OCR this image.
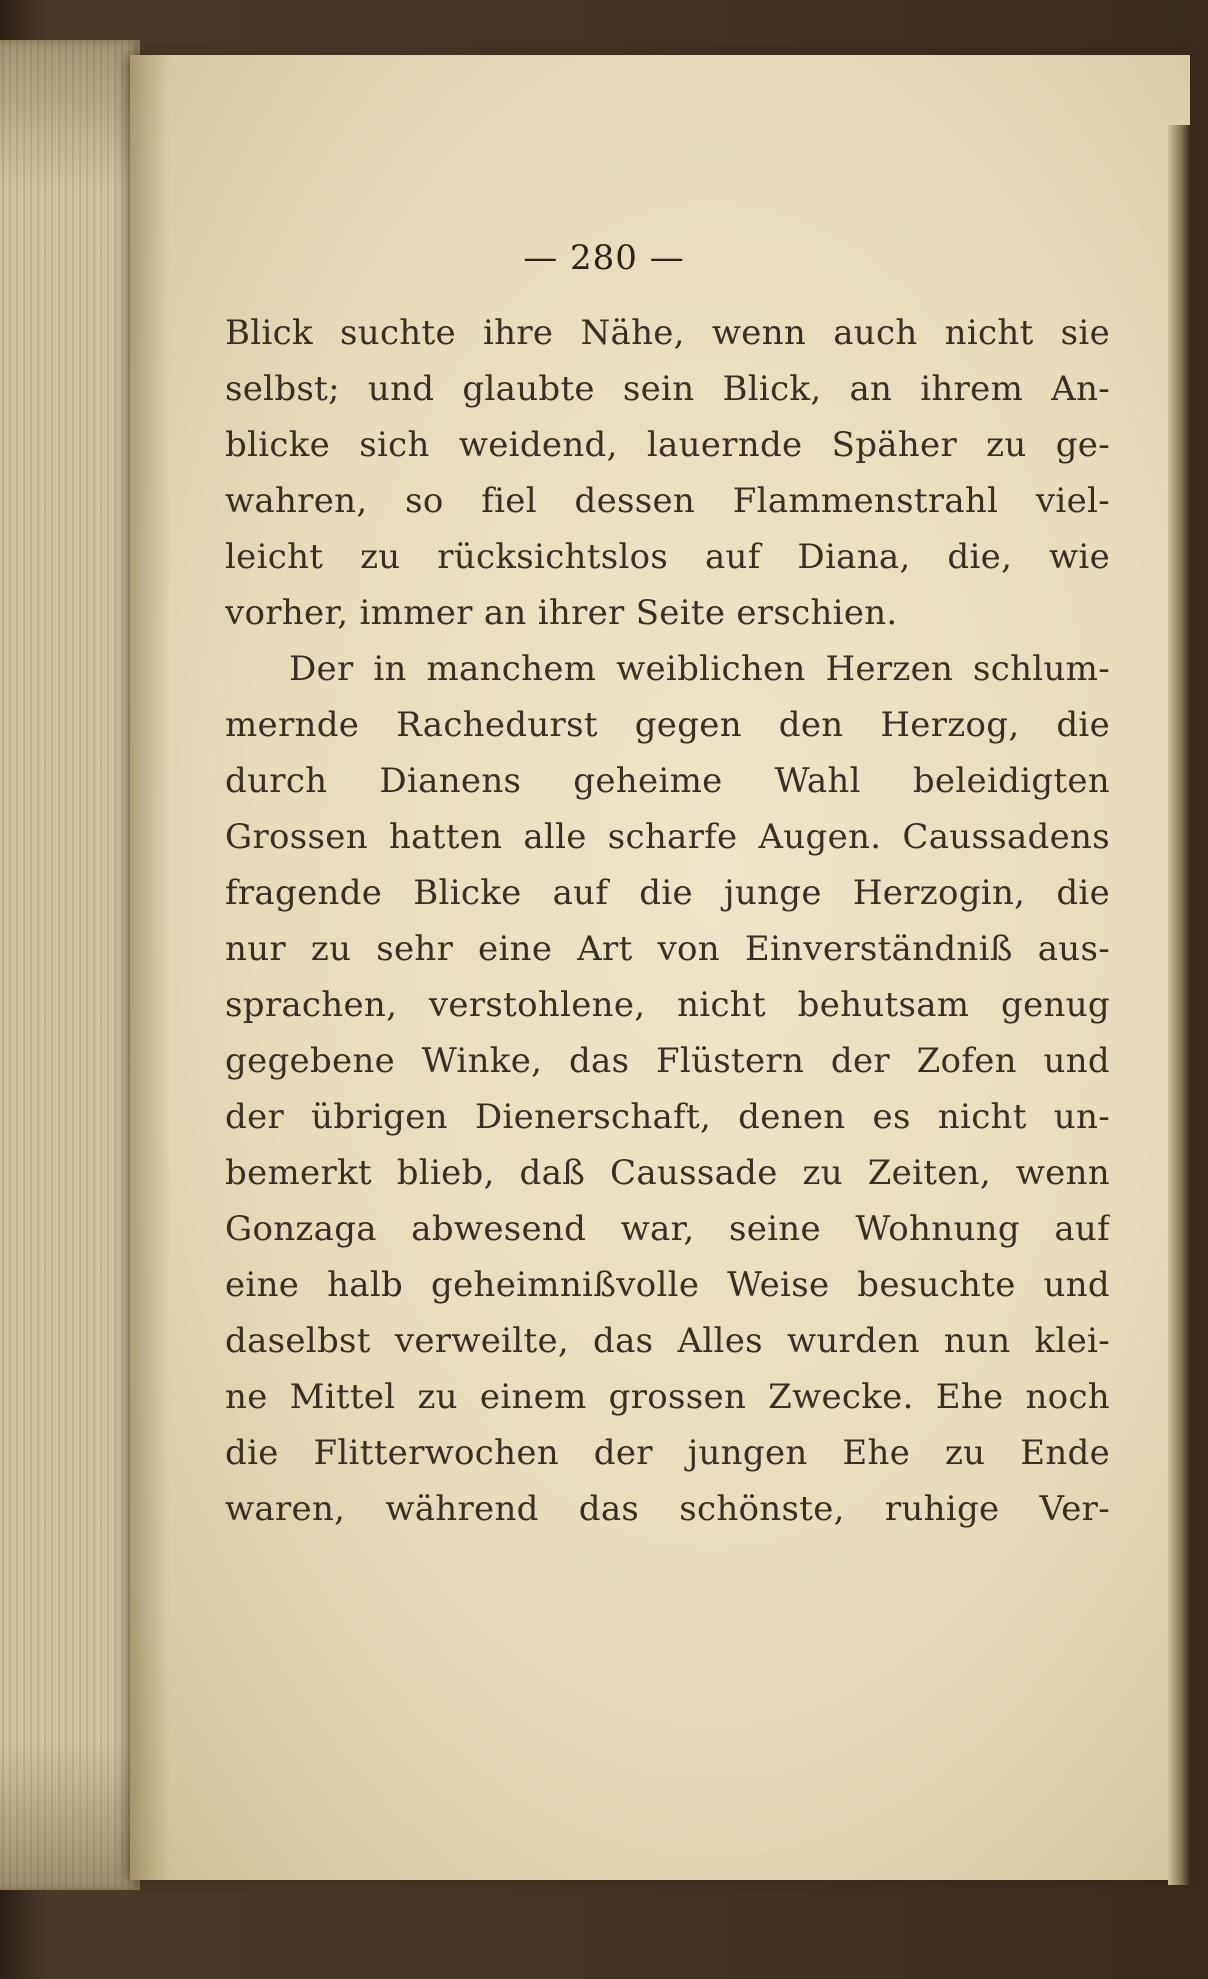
— 280 —
Blick suchte ihre Nähe, wenn auch nicht sie
selbst; und glaubte sein Blick, an ihrem An-
blicke sich weidend, lauernde Späher zu ge-
wahren, so fiel dessen Flammenstrahl viel-
leicht zu rücksichtslos auf Diana, die, wie
vorher, immer an ihrer Seite erschien.
Der in manchem weiblichen Herzen schlum-
mernde Rachedurst gegen den Herzog, die
durch Dianens geheime Wahl beleidigten
Grossen hatten alle scharfe Augen. Caussadens
fragende Blicke auf die junge Herzogin, die
nur zu sehr eine Art von Einverständniß aus-
sprachen, verstohlene, nicht behutsam genug
gegebene Winke, das Flüstern der Zofen und
der übrigen Dienerschaft, denen es nicht un-
bemerkt blieb, daß Caussade zu Zeiten, wenn
Gonzaga abwesend war, seine Wohnung auf
eine halb geheimnißvolle Weise besuchte und
daselbst verweilte, das Alles wurden nun klei-
ne Mittel zu einem grossen Zwecke. Ehe noch
die Flitterwochen der jungen Ehe zu Ende
waren, während das schönste, ruhige Ver-
